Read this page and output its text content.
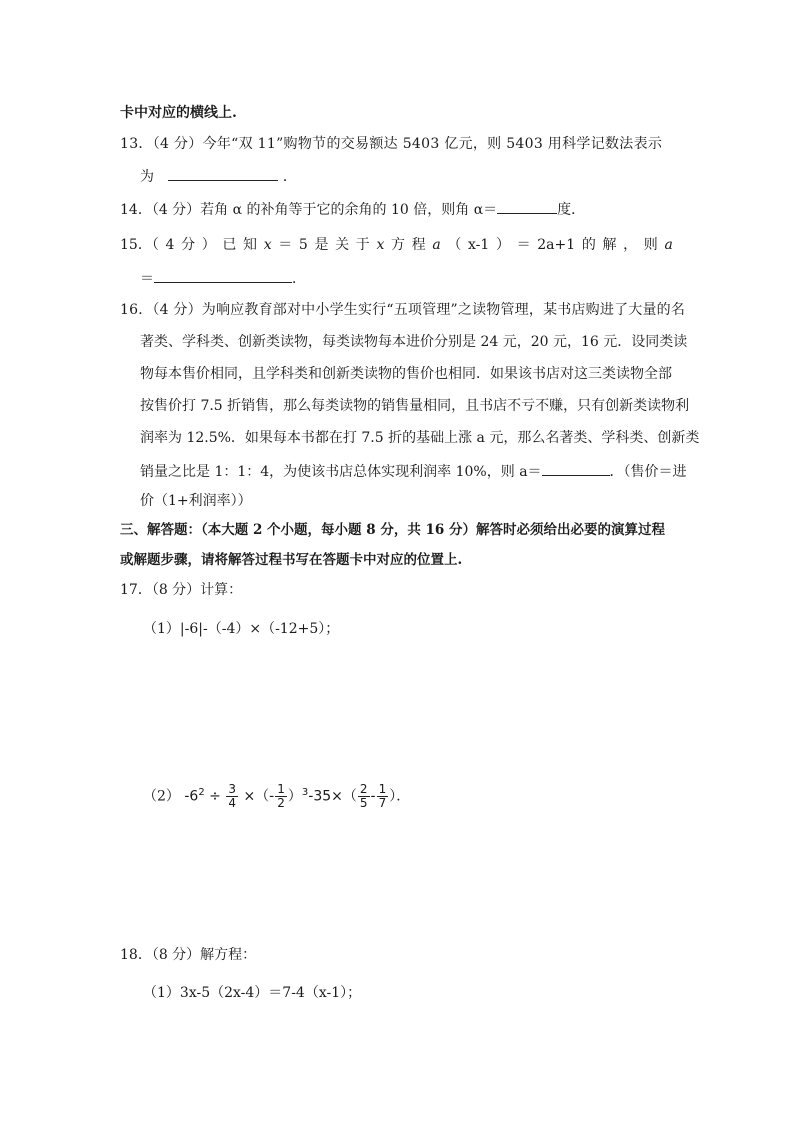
卡中对应的横线上.
13．（4 分）今年“双 11”购物节的交易额达 5403 亿元，则 5403 用科学记数法表示
为	．
14．（4 分）若角 α 的补角等于它的余角的 10 倍，则角 α＝	度．
15．（ 4 分 ） 已 知 x ＝ 5 是 关 于 x 方 程 a （ x-1 ） ＝ 2a+1 的 解 ， 则 a
＝	．
16．（4 分）为响应教育部对中小学生实行“五项管理”之读物管理，某书店购进了大量的名
著类、学科类、创新类读物，每类读物每本进价分别是 24 元，20 元，16 元．设同类读
物每本售价相同，且学科类和创新类读物的售价也相同．如果该书店对这三类读物全部
按售价打 7.5 折销售，那么每类读物的销售量相同，且书店不亏不赚，只有创新类读物利
润率为 12.5%．如果每本书都在打 7.5 折的基础上涨 a 元，那么名著类、学科类、创新类
销量之比是 1：1：4，为使该书店总体实现利润率 10%，则 a＝	．（售价＝进
价（1+利润率））
三、解答题：（本大题 2 个小题，每小题 8 分，共 16 分）解答时必须给出必要的演算过程
或解题步骤，请将解答过程书写在答题卡中对应的位置上.
17．（8 分）计算：
（1）|-6|-（-4）×（-12+5）；
（2） $-6^2 \div \frac{3}{4}$ ×（- $\frac{1}{2} )^3-35\times( \frac{2}{5} - \frac{1}{7}$ ）．
18．（8 分）解方程：
（1）3x-5（2x-4）＝7-4（x-1）；
